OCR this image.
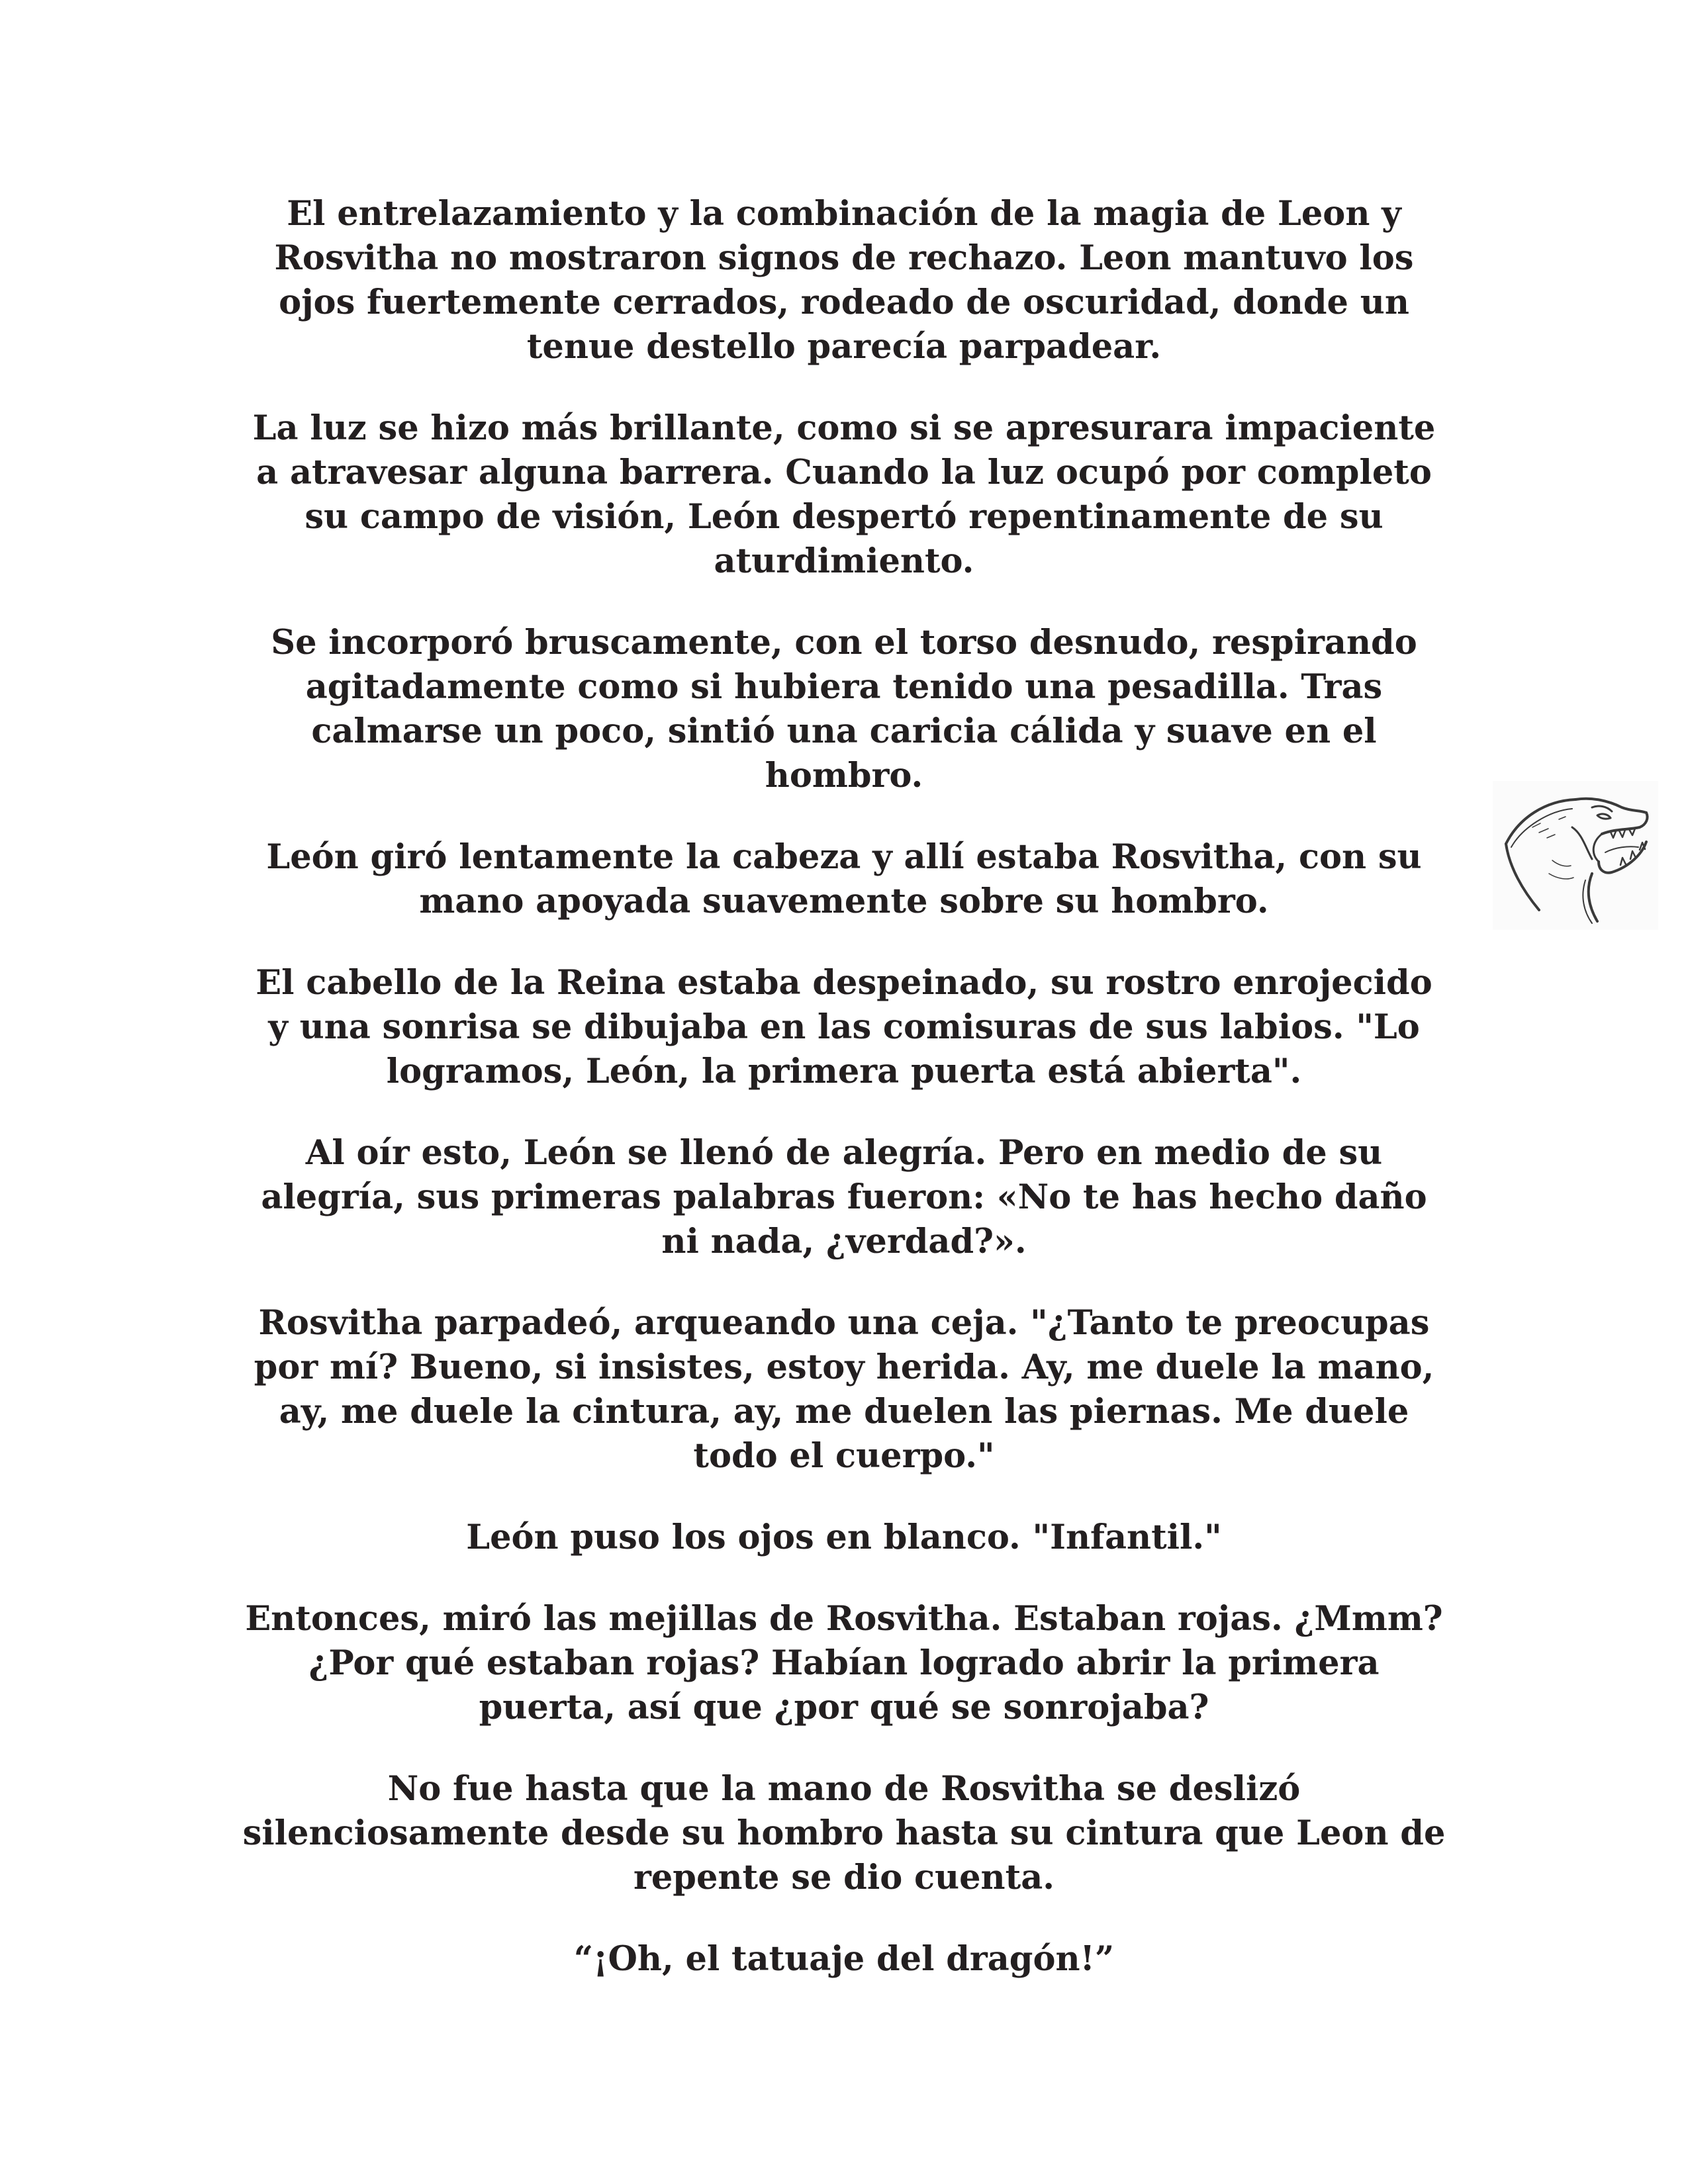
El entrelazamiento y la combinación de la magia de Leon y
Rosvitha no mostraron signos de rechazo. Leon mantuvo los
ojos fuertemente cerrados, rodeado de oscuridad, donde un
tenue destello parecía parpadear.

La luz se hizo más brillante, como si se apresurara impaciente
a atravesar alguna barrera. Cuando la luz ocupó por completo
su campo de visión, León despertó repentinamente de su
aturdimiento.

Se incorporó bruscamente, con el torso desnudo, respirando
agitadamente como si hubiera tenido una pesadilla. Tras
calmarse un poco, sintió una caricia cálida y suave en el
hombro.

León giró lentamente la cabeza y allí estaba Rosvitha, con su
mano apoyada suavemente sobre su hombro.

El cabello de la Reina estaba despeinado, su rostro enrojecido
y una sonrisa se dibujaba en las comisuras de sus labios. "Lo
logramos, León, la primera puerta está abierta".

Al oír esto, León se llenó de alegría. Pero en medio de su
alegría, sus primeras palabras fueron: «No te has hecho daño
ni nada, ¿verdad?».

Rosvitha parpadeó, arqueando una ceja. "¿Tanto te preocupas
por mí? Bueno, si insistes, estoy herida. Ay, me duele la mano,
ay, me duele la cintura, ay, me duelen las piernas. Me duele
todo el cuerpo."

León puso los ojos en blanco. "Infantil."

Entonces, miró las mejillas de Rosvitha. Estaban rojas. ¿Mmm?
¿Por qué estaban rojas? Habían logrado abrir la primera
puerta, así que ¿por qué se sonrojaba?

No fue hasta que la mano de Rosvitha se deslizó
silenciosamente desde su hombro hasta su cintura que Leon de
repente se dio cuenta.

“¡Oh, el tatuaje del dragón!”
